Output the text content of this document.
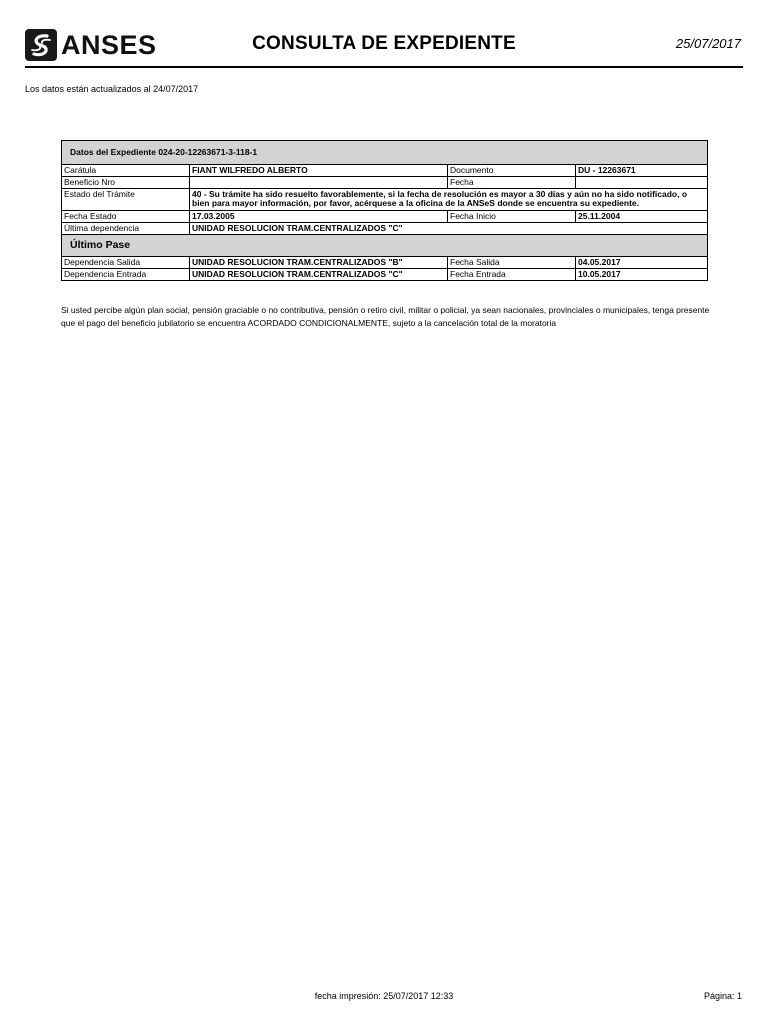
ANSES	CONSULTA DE EXPEDIENTE	25/07/2017
Los datos están actualizados al 24/07/2017
Datos del Expediente 024-20-12263671-3-118-1			
Carátula	FIANT WILFREDO ALBERTO	Documento	DU - 12263671
Beneficio Nro		Fecha	
Estado del Trámite	40 - Su trámite ha sido resuelto favorablemente, si la fecha de resolución es mayor a 30 días y aún no ha sido notificado, o bien para mayor información, por favor, acérquese a la oficina de la ANSeS donde se encuentra su expediente.		
Fecha Estado	17.03.2005	Fecha Inicio	25.11.2004
Última dependencia	UNIDAD RESOLUCION TRAM.CENTRALIZADOS "C"		
Último Pase			
Dependencia Salida	UNIDAD RESOLUCION TRAM.CENTRALIZADOS "B"	Fecha Salida	04.05.2017
Dependencia Entrada	UNIDAD RESOLUCION TRAM.CENTRALIZADOS "C"	Fecha Entrada	10.05.2017
Si usted percibe algún plan social, pensión graciable o no contributiva, pensión o retiro civil, militar o policial, ya sean nacionales, provinciales o municipales, tenga presente que el pago del beneficio jubilatorio se encuentra ACORDADO CONDICIONALMENTE, sujeto a la cancelación total de la moratoria
fecha impresión: 25/07/2017 12:33	Página: 1
